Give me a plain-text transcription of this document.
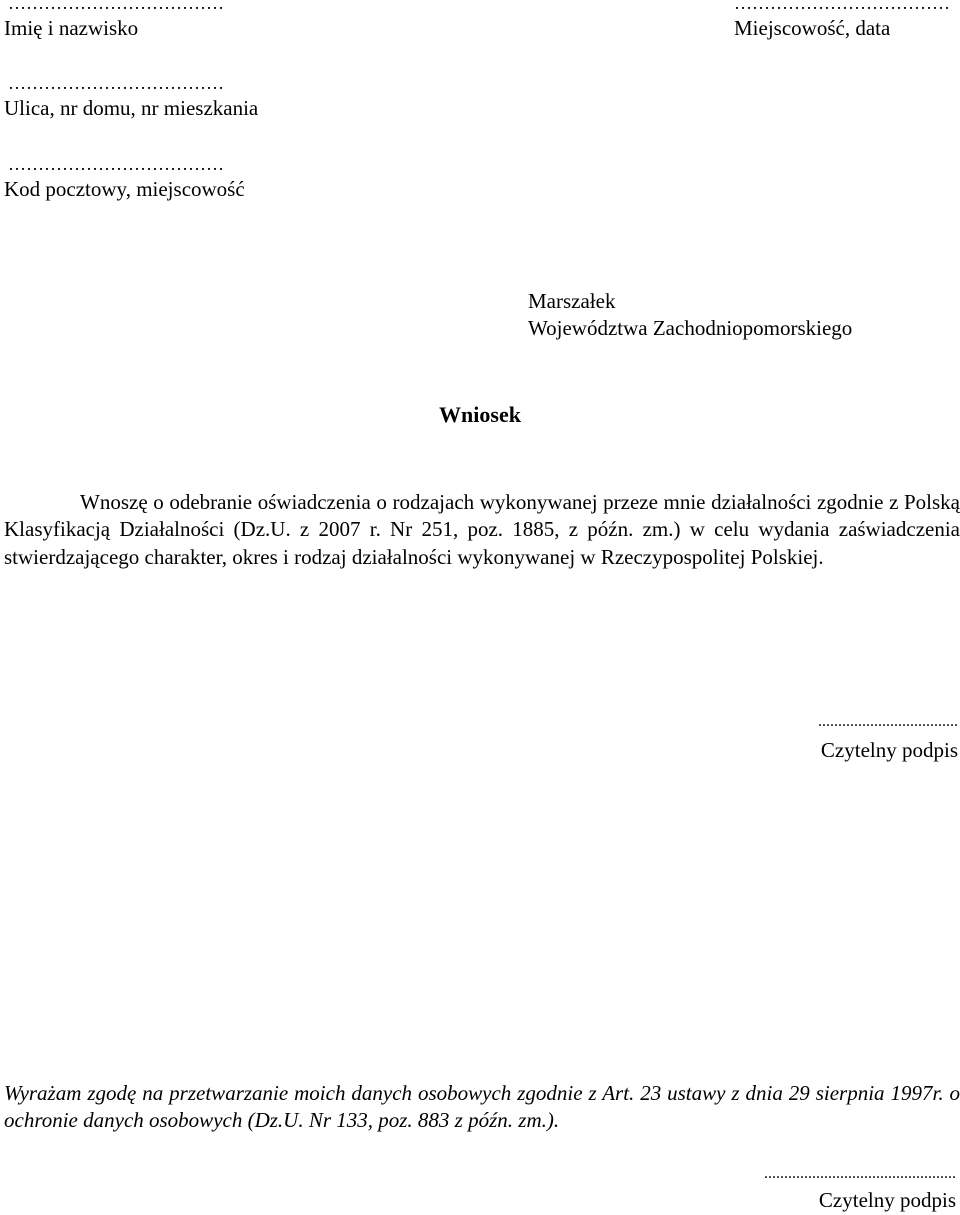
………………………………
Imię i nazwisko
………………………………
Ulica, nr domu, nr mieszkania
………………………………
Kod pocztowy, miejscowość
………………………………
Miejscowość, data
Marszałek
Województwa Zachodniopomorskiego
Wniosek
Wnoszę o odebranie oświadczenia o rodzajach wykonywanej przeze mnie działalności zgodnie z Polską Klasyfikacją Działalności (Dz.U. z 2007 r. Nr 251, poz. 1885, z późn. zm.) w celu wydania zaświadczenia stwierdzającego charakter, okres i rodzaj działalności wykonywanej w Rzeczypospolitej Polskiej.
...................................
Czytelny podpis
Wyrażam zgodę na przetwarzanie moich danych osobowych zgodnie z Art. 23 ustawy z dnia 29 sierpnia 1997r. o ochronie danych osobowych (Dz.U. Nr 133, poz. 883 z późn. zm.).
................................................
Czytelny podpis
